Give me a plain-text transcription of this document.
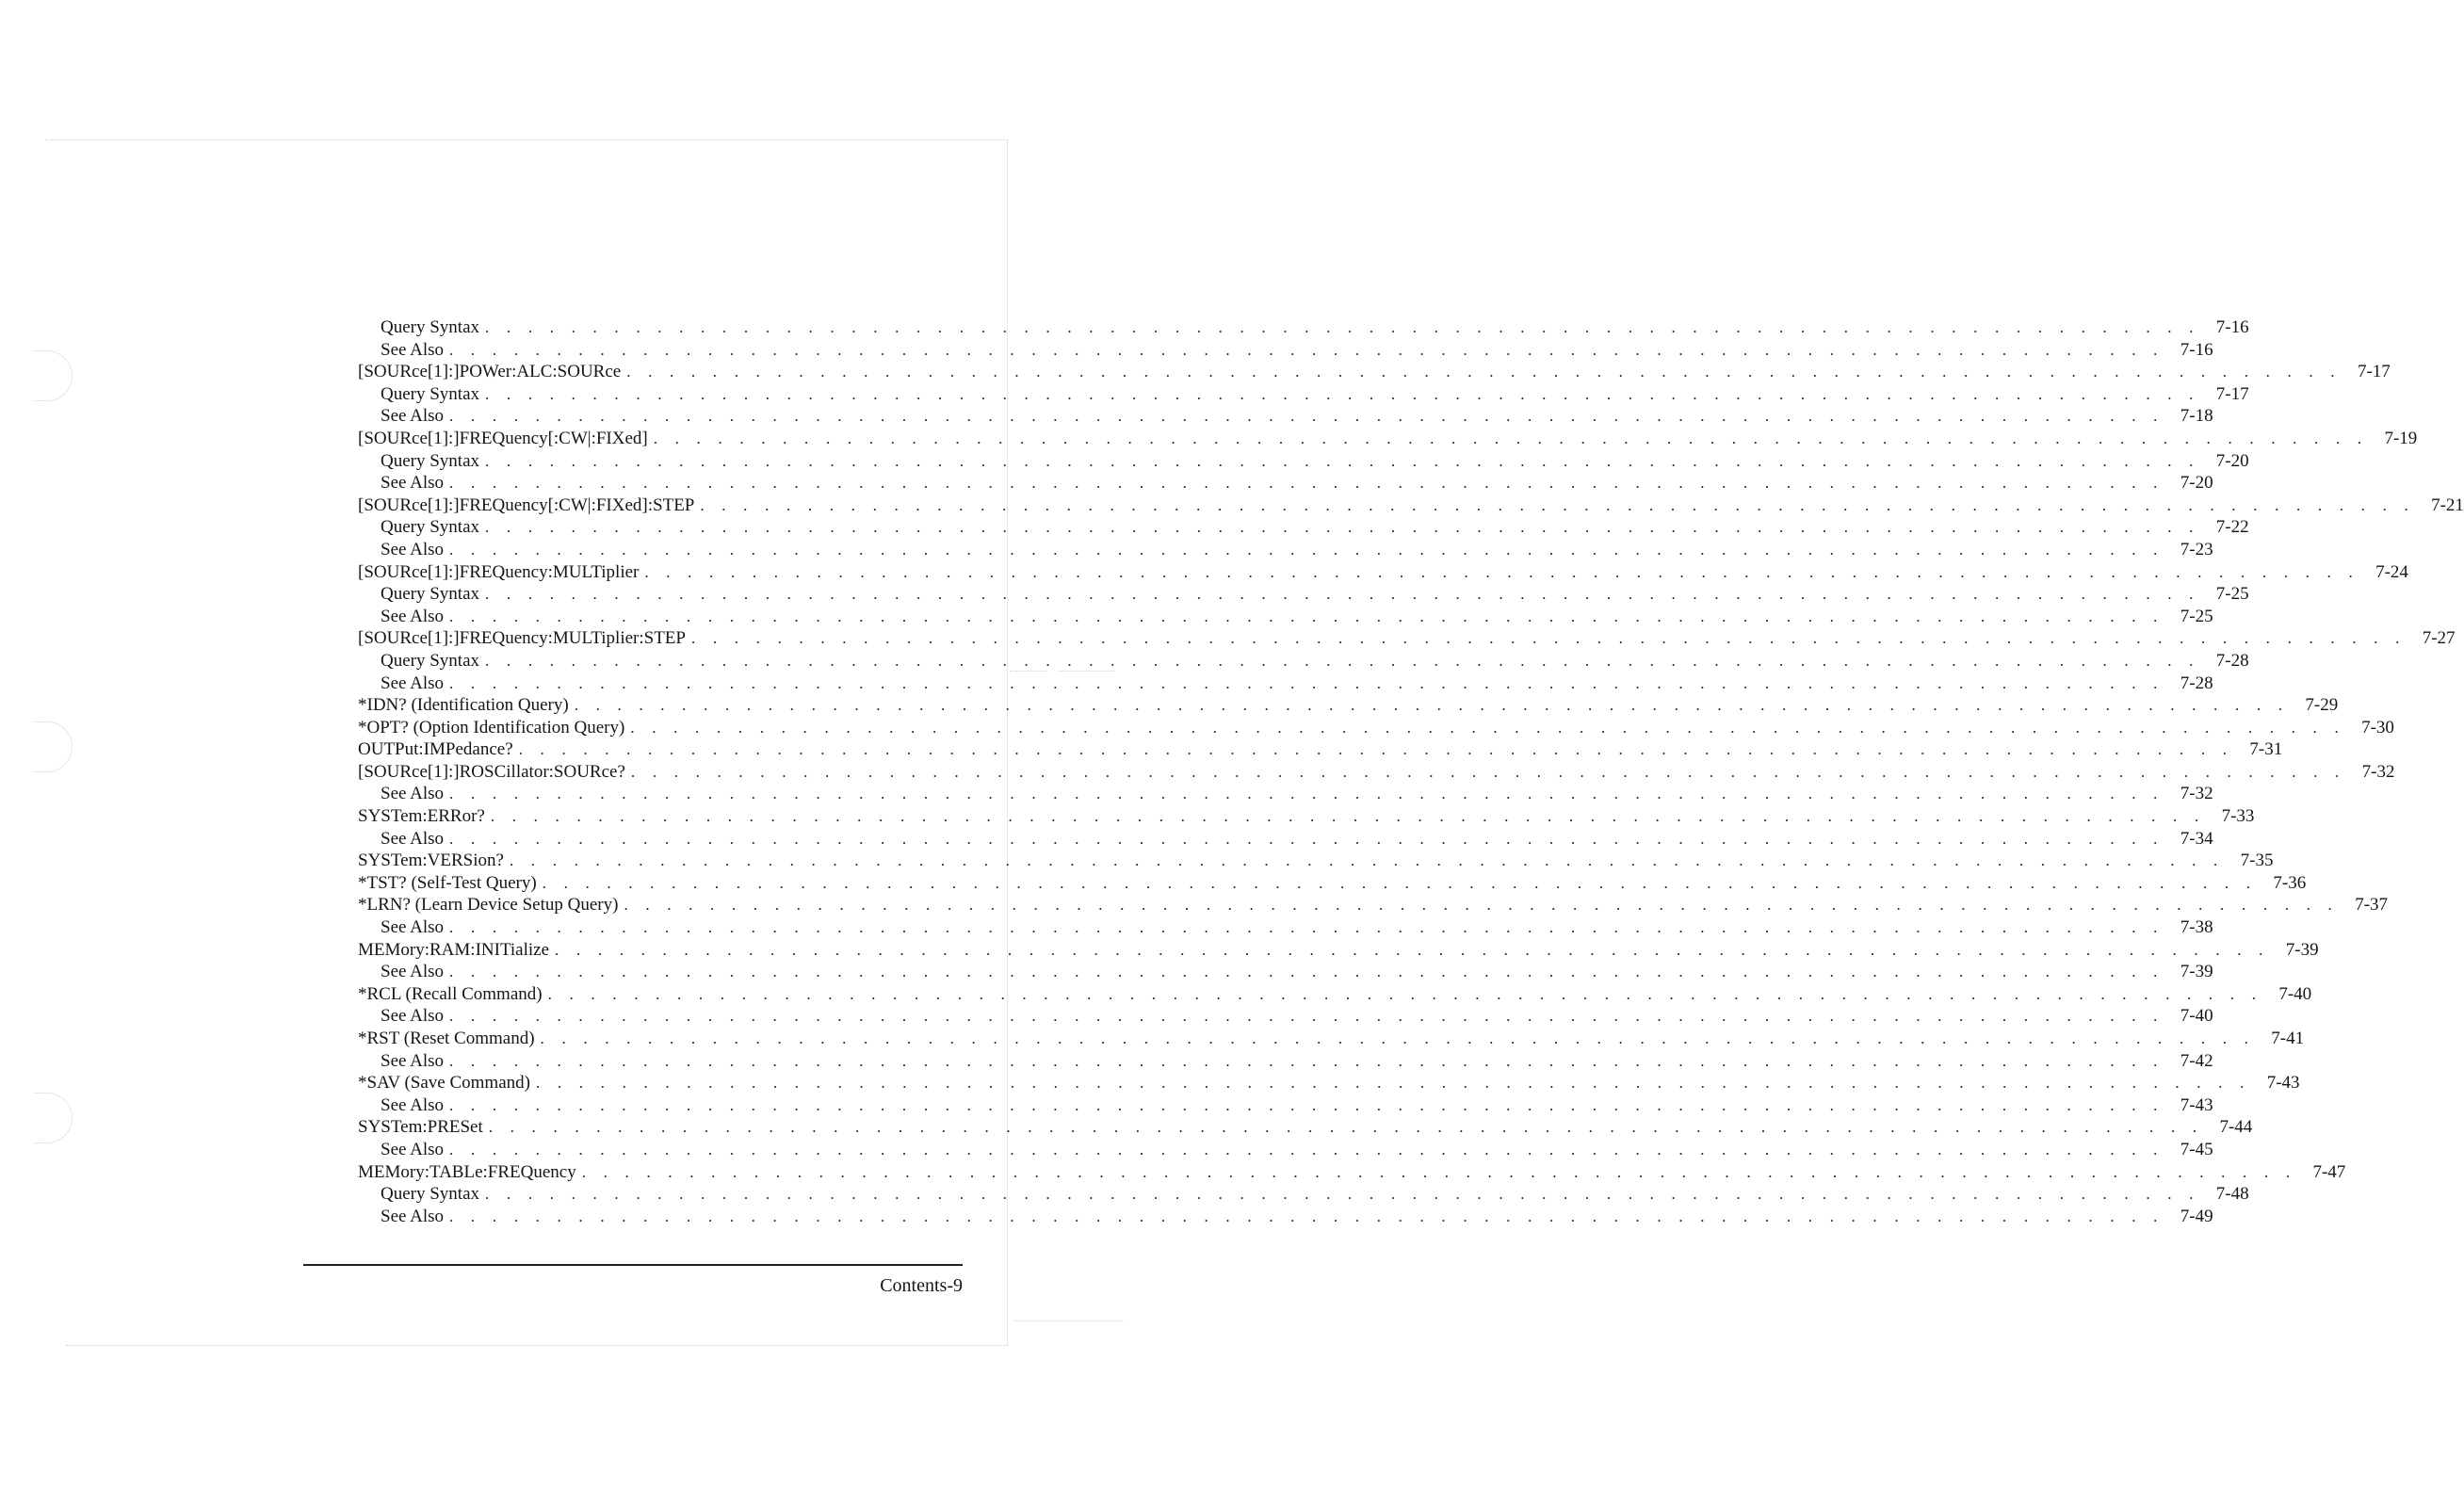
Query Syntax . . . . . . . . . . . . . . . . . . . . . . . . . . . . . . . . . . . . . . . . . . . . . . . . . . . . . . . . . . . . . . . . . . . . . . . . . . . . . . . . 7-16
See Also . . . . . . . . . . . . . . . . . . . . . . . . . . . . . . . . . . . . . . . . . . . . . . . . . . . . . . . . . . . . . . . . . . . . . . . . . . . . . . . . 7-16
[SOURce[1]:]POWer:ALC:SOURce . . . . . . . . . . . . . . . . . . . . . . . . . . . . . . . . . . . . . . . . . . . . . . . . . . . . . . . . . . . . . . . . . . . . . . . . . . . . . . . . 7-17
Query Syntax . . . . . . . . . . . . . . . . . . . . . . . . . . . . . . . . . . . . . . . . . . . . . . . . . . . . . . . . . . . . . . . . . . . . . . . . . . . . . . . . 7-17
See Also . . . . . . . . . . . . . . . . . . . . . . . . . . . . . . . . . . . . . . . . . . . . . . . . . . . . . . . . . . . . . . . . . . . . . . . . . . . . . . . . 7-18
[SOURce[1]:]FREQuency[:CW|:FIXed] . . . . . . . . . . . . . . . . . . . . . . . . . . . . . . . . . . . . . . . . . . . . . . . . . . . . . . . . . . . . . . . . . . . . . . . . . . . . . . . . 7-19
Query Syntax . . . . . . . . . . . . . . . . . . . . . . . . . . . . . . . . . . . . . . . . . . . . . . . . . . . . . . . . . . . . . . . . . . . . . . . . . . . . . . . . 7-20
See Also . . . . . . . . . . . . . . . . . . . . . . . . . . . . . . . . . . . . . . . . . . . . . . . . . . . . . . . . . . . . . . . . . . . . . . . . . . . . . . . . 7-20
[SOURce[1]:]FREQuency[:CW|:FIXed]:STEP . . . . . . . . . . . . . . . . . . . . . . . . . . . . . . . . . . . . . . . . . . . . . . . . . . . . . . . . . . . . . . . . . . . . . . . . . . . . . . . . 7-21
Query Syntax . . . . . . . . . . . . . . . . . . . . . . . . . . . . . . . . . . . . . . . . . . . . . . . . . . . . . . . . . . . . . . . . . . . . . . . . . . . . . . . . 7-22
See Also . . . . . . . . . . . . . . . . . . . . . . . . . . . . . . . . . . . . . . . . . . . . . . . . . . . . . . . . . . . . . . . . . . . . . . . . . . . . . . . . 7-23
[SOURce[1]:]FREQuency:MULTiplier . . . . . . . . . . . . . . . . . . . . . . . . . . . . . . . . . . . . . . . . . . . . . . . . . . . . . . . . . . . . . . . . . . . . . . . . . . . . . . . . 7-24
Query Syntax . . . . . . . . . . . . . . . . . . . . . . . . . . . . . . . . . . . . . . . . . . . . . . . . . . . . . . . . . . . . . . . . . . . . . . . . . . . . . . . . 7-25
See Also . . . . . . . . . . . . . . . . . . . . . . . . . . . . . . . . . . . . . . . . . . . . . . . . . . . . . . . . . . . . . . . . . . . . . . . . . . . . . . . . 7-25
[SOURce[1]:]FREQuency:MULTiplier:STEP . . . . . . . . . . . . . . . . . . . . . . . . . . . . . . . . . . . . . . . . . . . . . . . . . . . . . . . . . . . . . . . . . . . . . . . . . . . . . . . . 7-27
Query Syntax . . . . . . . . . . . . . . . . . . . . . . . . . . . . . . . . . . . . . . . . . . . . . . . . . . . . . . . . . . . . . . . . . . . . . . . . . . . . . . . . 7-28
See Also . . . . . . . . . . . . . . . . . . . . . . . . . . . . . . . . . . . . . . . . . . . . . . . . . . . . . . . . . . . . . . . . . . . . . . . . . . . . . . . . 7-28
*IDN? (Identification Query) . . . . . . . . . . . . . . . . . . . . . . . . . . . . . . . . . . . . . . . . . . . . . . . . . . . . . . . . . . . . . . . . . . . . . . . . . . . . . . . . 7-29
*OPT? (Option Identification Query) . . . . . . . . . . . . . . . . . . . . . . . . . . . . . . . . . . . . . . . . . . . . . . . . . . . . . . . . . . . . . . . . . . . . . . . . . . . . . . . . 7-30
OUTPut:IMPedance? . . . . . . . . . . . . . . . . . . . . . . . . . . . . . . . . . . . . . . . . . . . . . . . . . . . . . . . . . . . . . . . . . . . . . . . . . . . . . . . . 7-31
[SOURce[1]:]ROSCillator:SOURce? . . . . . . . . . . . . . . . . . . . . . . . . . . . . . . . . . . . . . . . . . . . . . . . . . . . . . . . . . . . . . . . . . . . . . . . . . . . . . . . . 7-32
See Also . . . . . . . . . . . . . . . . . . . . . . . . . . . . . . . . . . . . . . . . . . . . . . . . . . . . . . . . . . . . . . . . . . . . . . . . . . . . . . . . 7-32
SYSTem:ERRor? . . . . . . . . . . . . . . . . . . . . . . . . . . . . . . . . . . . . . . . . . . . . . . . . . . . . . . . . . . . . . . . . . . . . . . . . . . . . . . . . 7-33
See Also . . . . . . . . . . . . . . . . . . . . . . . . . . . . . . . . . . . . . . . . . . . . . . . . . . . . . . . . . . . . . . . . . . . . . . . . . . . . . . . . 7-34
SYSTem:VERSion? . . . . . . . . . . . . . . . . . . . . . . . . . . . . . . . . . . . . . . . . . . . . . . . . . . . . . . . . . . . . . . . . . . . . . . . . . . . . . . . . 7-35
*TST? (Self-Test Query) . . . . . . . . . . . . . . . . . . . . . . . . . . . . . . . . . . . . . . . . . . . . . . . . . . . . . . . . . . . . . . . . . . . . . . . . . . . . . . . . 7-36
*LRN? (Learn Device Setup Query) . . . . . . . . . . . . . . . . . . . . . . . . . . . . . . . . . . . . . . . . . . . . . . . . . . . . . . . . . . . . . . . . . . . . . . . . . . . . . . . . 7-37
See Also . . . . . . . . . . . . . . . . . . . . . . . . . . . . . . . . . . . . . . . . . . . . . . . . . . . . . . . . . . . . . . . . . . . . . . . . . . . . . . . . 7-38
MEMory:RAM:INITialize . . . . . . . . . . . . . . . . . . . . . . . . . . . . . . . . . . . . . . . . . . . . . . . . . . . . . . . . . . . . . . . . . . . . . . . . . . . . . . . . 7-39
See Also . . . . . . . . . . . . . . . . . . . . . . . . . . . . . . . . . . . . . . . . . . . . . . . . . . . . . . . . . . . . . . . . . . . . . . . . . . . . . . . . 7-39
*RCL (Recall Command) . . . . . . . . . . . . . . . . . . . . . . . . . . . . . . . . . . . . . . . . . . . . . . . . . . . . . . . . . . . . . . . . . . . . . . . . . . . . . . . . 7-40
See Also . . . . . . . . . . . . . . . . . . . . . . . . . . . . . . . . . . . . . . . . . . . . . . . . . . . . . . . . . . . . . . . . . . . . . . . . . . . . . . . . 7-40
*RST (Reset Command) . . . . . . . . . . . . . . . . . . . . . . . . . . . . . . . . . . . . . . . . . . . . . . . . . . . . . . . . . . . . . . . . . . . . . . . . . . . . . . . . 7-41
See Also . . . . . . . . . . . . . . . . . . . . . . . . . . . . . . . . . . . . . . . . . . . . . . . . . . . . . . . . . . . . . . . . . . . . . . . . . . . . . . . . 7-42
*SAV (Save Command) . . . . . . . . . . . . . . . . . . . . . . . . . . . . . . . . . . . . . . . . . . . . . . . . . . . . . . . . . . . . . . . . . . . . . . . . . . . . . . . . 7-43
See Also . . . . . . . . . . . . . . . . . . . . . . . . . . . . . . . . . . . . . . . . . . . . . . . . . . . . . . . . . . . . . . . . . . . . . . . . . . . . . . . . 7-43
SYSTem:PRESet . . . . . . . . . . . . . . . . . . . . . . . . . . . . . . . . . . . . . . . . . . . . . . . . . . . . . . . . . . . . . . . . . . . . . . . . . . . . . . . . 7-44
See Also . . . . . . . . . . . . . . . . . . . . . . . . . . . . . . . . . . . . . . . . . . . . . . . . . . . . . . . . . . . . . . . . . . . . . . . . . . . . . . . . 7-45
MEMory:TABLe:FREQuency . . . . . . . . . . . . . . . . . . . . . . . . . . . . . . . . . . . . . . . . . . . . . . . . . . . . . . . . . . . . . . . . . . . . . . . . . . . . . . . . 7-47
Query Syntax . . . . . . . . . . . . . . . . . . . . . . . . . . . . . . . . . . . . . . . . . . . . . . . . . . . . . . . . . . . . . . . . . . . . . . . . . . . . . . . . 7-48
See Also . . . . . . . . . . . . . . . . . . . . . . . . . . . . . . . . . . . . . . . . . . . . . . . . . . . . . . . . . . . . . . . . . . . . . . . . . . . . . . . . 7-49
Contents-9
